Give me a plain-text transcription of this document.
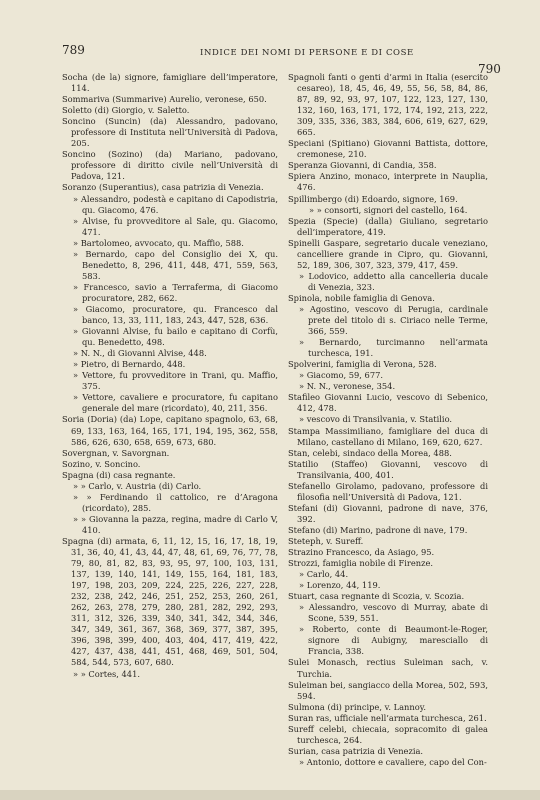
789	INDICE DEI NOMI DI PERSONE E DI COSE
790
Socha (de la) signore, famigliare dell’imperatore, 114.
Sommariva (Summarive) Aurelio, veronese, 650.
Soletto (di) Giorgio, v. Saletto.
Soncino (Suncin) (da) Alessandro, padovano, professore di Instituta nell’Università di Padova, 205.
Soncino (Sozino) (da) Mariano, padovano, professore di diritto civile nell’Università di Padova, 121.
Soranzo (Superantius), casa patrizia di Venezia.
» Alessandro, podestà e capitano di Capodistria, qu. Giacomo, 476.
» Alvise, fu provveditore al Sale, qu. Giacomo, 471.
» Bartolomeo, avvocato, qu. Maffio, 588.
» Bernardo, capo del Consiglio dei X, qu. Benedetto, 8, 296, 411, 448, 471, 559, 563, 583.
» Francesco, savio a Terraferma, di Giacomo procuratore, 282, 662.
» Giacomo, procuratore, qu. Francesco dal banco, 13, 33, 111, 183, 243, 447, 528, 636.
» Giovanni Alvise, fu bailo e capitano di Corfù, qu. Benedetto, 498.
» N. N., di Giovanni Alvise, 448.
» Pietro, di Bernardo, 448.
» Vettore, fu provveditore in Trani, qu. Maffio, 375.
» Vettore, cavaliere e procuratore, fu capitano generale del mare (ricordato), 40, 211, 356.
Soria (Doria) (da) Lope, capitano spagnolo, 63, 68, 69, 133, 163, 164, 165, 171, 194, 195, 362, 558, 586, 626, 630, 658, 659, 673, 680.
Sovergnan, v. Savorgnan.
Sozino, v. Soncino.
Spagna (di) casa regnante.
» » Carlo, v. Austria (di) Carlo.
» » Ferdinando il cattolico, re d’Aragona (ricordato), 285.
» » Giovanna la pazza, regina, madre di Carlo V, 410.
Spagna (di) armata, 6, 11, 12, 15, 16, 17, 18, 19, 31, 36, 40, 41, 43, 44, 47, 48, 61, 69, 76, 77, 78, 79, 80, 81, 82, 83, 93, 95, 97, 100, 103, 131, 137, 139, 140, 141, 149, 155, 164, 181, 183, 197, 198, 203, 209, 224, 225, 226, 227, 228, 232, 238, 242, 246, 251, 252, 253, 260, 261, 262, 263, 278, 279, 280, 281, 282, 292, 293, 311, 312, 326, 339, 340, 341, 342, 344, 346, 347, 349, 361, 367, 368, 369, 377, 387, 395, 396, 398, 399, 400, 403, 404, 417, 419, 422, 427, 437, 438, 441, 451, 468, 469, 501, 504, 584, 544, 573, 607, 680.
» » Cortes, 441.
Spagnoli fanti o genti d’armi in Italia (esercito cesareo), 18, 45, 46, 49, 55, 56, 58, 84, 86, 87, 89, 92, 93, 97, 107, 122, 123, 127, 130, 132, 160, 163, 171, 172, 174, 192, 213, 222, 309, 335, 336, 383, 384, 606, 619, 627, 629, 665.
Speciani (Spitiano) Giovanni Battista, dottore, cremonese, 210.
Speranza Giovanni, di Candia, 358.
Spiera Anzino, monaco, interprete in Nauplia, 476.
Spillimbergo (di) Edoardo, signore, 169.
» » consorti, signori del castello, 164.
Spezia (Specie) (dalla) Giuliano, segretario dell’imperatore, 419.
Spinelli Gaspare, segretario ducale veneziano, cancelliere grande in Cipro, qu. Giovanni, 52, 189, 306, 307, 323, 379, 417, 459.
» Lodovico, addetto alla cancelleria ducale di Venezia, 323.
Spinola, nobile famiglia di Genova.
» Agostino, vescovo di Perugia, cardinale prete del titolo di s. Ciriaco nelle Terme, 366, 559.
» Bernardo, turcimanno nell’armata turchesca, 191.
Spolverini, famiglia di Verona, 528.
» Giacomo, 59, 677.
» N. N., veronese, 354.
Stafileo Giovanni Lucio, vescovo di Sebenico, 412, 478.
» vescovo di Transilvania, v. Statilio.
Stampa Massimiliano, famigliare del duca di Milano, castellano di Milano, 169, 620, 627.
Stan, celebi, sindaco della Morea, 488.
Statilio (Staffeo) Giovanni, vescovo di Transilvania, 400, 401.
Stefanello Girolamo, padovano, professore di filosofia nell’Università di Padova, 121.
Stefani (di) Giovanni, padrone di nave, 376, 392.
Stefano (di) Marino, padrone di nave, 179.
Steteph, v. Sureff.
Strazino Francesco, da Asiago, 95.
Strozzi, famiglia nobile di Firenze.
» Carlo, 44.
» Lorenzo, 44, 119.
Stuart, casa regnante di Scozia, v. Scozia.
» Alessandro, vescovo di Murray, abate di Scone, 539, 551.
» Roberto, conte di Beaumont-le-Roger, signore di Aubigny, maresciallo di Francia, 338.
Sulei Monasch, rectius Suleiman sach, v. Turchia.
Suleiman bei, sangiacco della Morea, 502, 593, 594.
Sulmona (di) principe, v. Lannoy.
Suran ras, ufficiale nell’armata turchesca, 261.
Sureff celebi, chiecaia, sopracomito di galea turchesca, 264.
Surian, casa patrizia di Venezia.
» Antonio, dottore e cavaliere, capo del Con-
